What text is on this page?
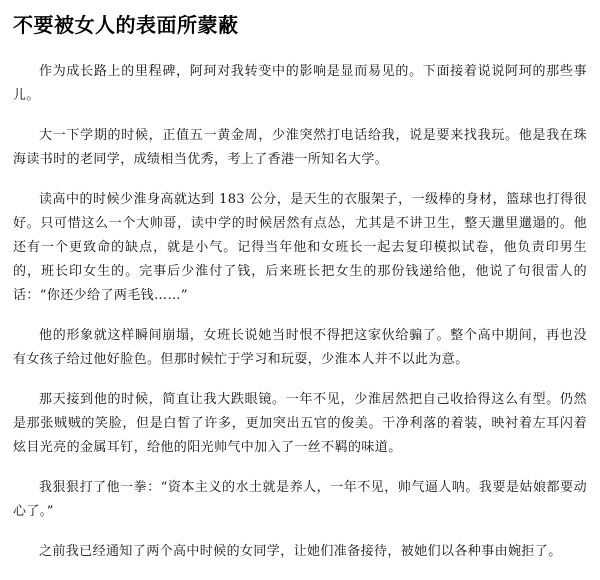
不要被女人的表面所蒙蔽

作为成长路上的里程碑，阿珂对我转变中的影响是显而易见的。下面接着说说阿珂的那些事儿。

大一下学期的时候，正值五一黄金周，少淮突然打电话给我，说是要来找我玩。他是我在珠海读书时的老同学，成绩相当优秀，考上了香港一所知名大学。

读高中的时候少淮身高就达到 183 公分，是天生的衣服架子，一级棒的身材，篮球也打得很好。只可惜这么一个大帅哥，读中学的时候居然有点怂，尤其是不讲卫生，整天邋里邋遢的。他还有一个更致命的缺点，就是小气。记得当年他和女班长一起去复印模拟试卷，他负责印男生的，班长印女生的。完事后少淮付了钱，后来班长把女生的那份钱递给他，他说了句很雷人的话：“你还少给了两毛钱……”

他的形象就这样瞬间崩塌，女班长说她当时恨不得把这家伙给骟了。整个高中期间，再也没有女孩子给过他好脸色。但那时候忙于学习和玩耍，少淮本人并不以此为意。

那天接到他的时候，简直让我大跌眼镜。一年不见，少淮居然把自己收拾得这么有型。仍然是那张贼贼的笑脸，但是白皙了许多，更加突出五官的俊美。干净利落的着装，映衬着左耳闪着炫目光亮的金属耳钉，给他的阳光帅气中加入了一丝不羁的味道。

我狠狠打了他一拳：“资本主义的水土就是养人，一年不见，帅气逼人呐。我要是姑娘都要动心了。”

之前我已经通知了两个高中时候的女同学，让她们准备接待，被她们以各种事由婉拒了。
